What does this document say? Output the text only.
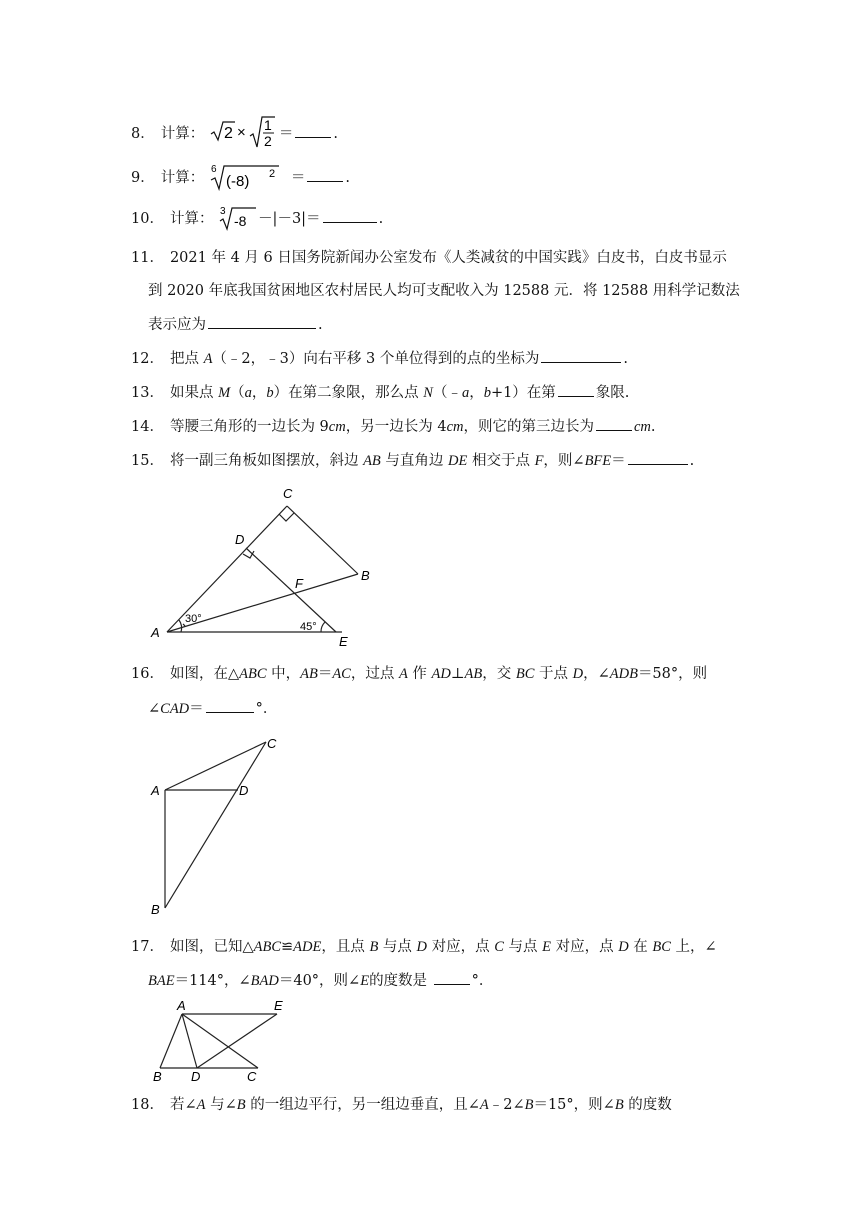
8． 计算： 2 × 1
2 ＝	.
9． 计算：
6
(-8) 2 ＝	.
10． 计算： 3
-8 －|－3|＝	.
11． 2021 年 4 月 6 日国务院新闻办公室发布《人类减贫的中国实践》白皮书，白皮书显示
到 2020 年底我国贫困地区农村居民人均可支配收入为 12588 元．将 12588 用科学记数法
表示应为	.
12． 把点 A（﹣2，﹣3）向右平移 3 个单位得到的点的坐标为	.
13． 如果点 M（a，b）在第二象限，那么点 N（﹣a，b+1）在第	象限.
14． 等腰三角形的一边长为 9cm，另一边长为 4cm，则它的第三边长为	cm.
15． 将一副三角板如图摆放，斜边 AB 与直角边 DE 相交于点 F，则∠BFE＝	.
C
D
F
B
A
E
30°
45°
16． 如图，在△ABC 中，AB＝AC，过点 A 作 AD⊥AB，交 BC 于点 D，∠ADB＝58°，则
∠CAD＝	°．
C
A	D
B
17． 如图，已知△ABC≌ADE，且点 B 与点 D 对应，点 C 与点 E 对应，点 D 在 BC 上，∠
BAE＝114°，∠BAD＝40°，则∠E的度数是	°．
A	E
B D	C
18． 若∠A 与∠B 的一组边平行，另一组边垂直，且∠A﹣2∠B＝15°，则∠B 的度数
